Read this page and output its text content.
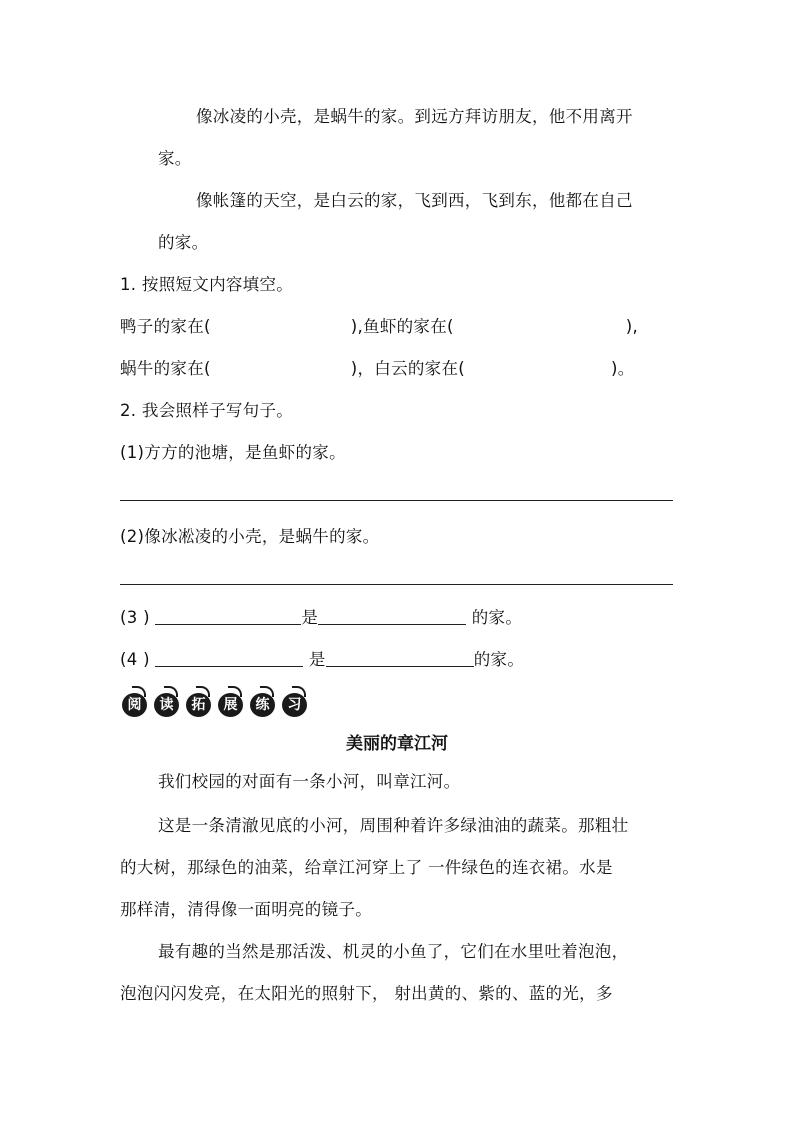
像冰凌的小壳，是蜗牛的家。到远方拜访朋友，他不用离开
家。
像帐篷的天空，是白云的家，飞到西，飞到东，他都在自己
的家。
1. 按照短文内容填空。
鸭子的家在(	),鱼虾的家在(	),
蜗牛的家在(	)，白云的家在(	)。
2. 我会照样子写句子。
(1)方方的池塘，是鱼虾的家。
(2)像冰凇凌的小壳，是蜗牛的家。
(3 )	是	的家。
(4 )	是	的家。
阅	读	拓	展	练	习
美丽的章江河
我们校园的对面有一条小河，叫章江河。
这是一条清澈见底的小河，周围种着许多绿油油的蔬菜。那粗壮
的大树，那绿色的油菜，给章江河穿上了 一件绿色的连衣裙。水是
那样清，清得像一面明亮的镜子。
最有趣的当然是那活泼、机灵的小鱼了，它们在水里吐着泡泡，
泡泡闪闪发亮，在太阳光的照射下， 射出黄的、紫的、蓝的光，多
